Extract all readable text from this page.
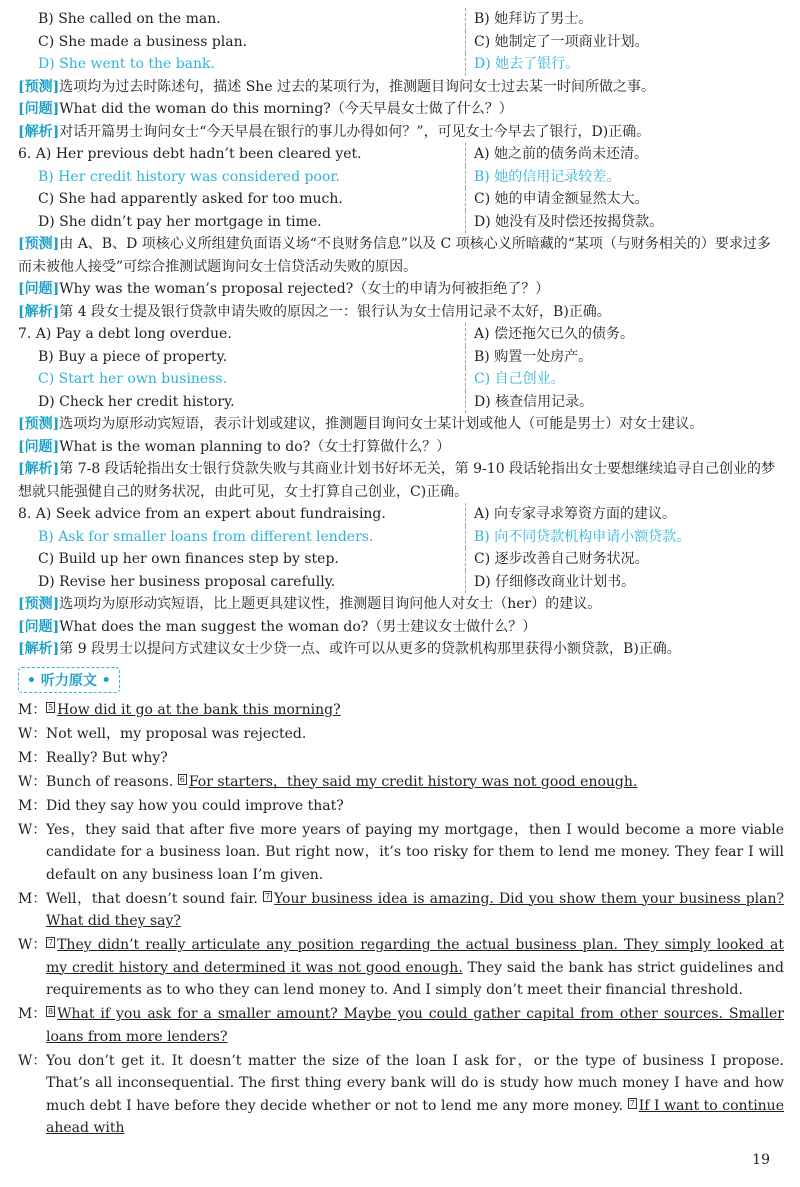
B) She called on the man.	B) 她拜访了男士。
C) She made a business plan.	C) 她制定了一项商业计划。
D) She went to the bank.	D) 她去了银行。

[预测]选项均为过去时陈述句，描述 She 过去的某项行为，推测题目询问女士过去某一时间所做之事。

[问题]What did the woman do this morning?（今天早晨女士做了什么？）

[解析]对话开篇男士询问女士“今天早晨在银行的事儿办得如何？”，可见女士今早去了银行，D)正确。

6. A) Her previous debt hadn’t been cleared yet.	A) 她之前的债务尚未还清。
B) Her credit history was considered poor.	B) 她的信用记录较差。
C) She had apparently asked for too much.	C) 她的申请金额显然太大。
D) She didn’t pay her mortgage in time.	D) 她没有及时偿还按揭贷款。

[预测]由 A、B、D 项核心义所组建负面语义场“不良财务信息”以及 C 项核心义所暗藏的“某项（与财务相关的）要求过多而未被他人接受”可综合推测试题询问女士信贷活动失败的原因。

[问题]Why was the woman’s proposal rejected?（女士的申请为何被拒绝了？）

[解析]第 4 段女士提及银行贷款申请失败的原因之一：银行认为女士信用记录不太好，B)正确。

7. A) Pay a debt long overdue.	A) 偿还拖欠已久的债务。
B) Buy a piece of property.	B) 购置一处房产。
C) Start her own business.	C) 自己创业。
D) Check her credit history.	D) 核查信用记录。

[预测]选项均为原形动宾短语，表示计划或建议，推测题目询问女士某计划或他人（可能是男士）对女士建议。

[问题]What is the woman planning to do?（女士打算做什么？）

[解析]第 7-8 段话轮指出女士银行贷款失败与其商业计划书好坏无关，第 9-10 段话轮指出女士要想继续追寻自己创业的梦想就只能强健自己的财务状况，由此可见，女士打算自己创业，C)正确。

8. A) Seek advice from an expert about fundraising.	A) 向专家寻求筹资方面的建议。
B) Ask for smaller loans from different lenders.	B) 向不同贷款机构申请小额贷款。
C) Build up her own finances step by step.	C) 逐步改善自己财务状况。
D) Revise her business proposal carefully.	D) 仔细修改商业计划书。

[预测]选项均为原形动宾短语，比上题更具建议性，推测题目询问他人对女士（her）的建议。

[问题]What does the man suggest the woman do?（男士建议女士做什么？）

[解析]第 9 段男士以提问方式建议女士少贷一点、或许可以从更多的贷款机构那里获得小额贷款，B)正确。

• 听力原文 •
M： 5 How did it go at the bank this morning?
W： Not well，my proposal was rejected.
M： Really? But why?
W： Bunch of reasons. 6 For starters，they said my credit history was not good enough.
M： Did they say how you could improve that?
W： Yes，they said that after five more years of paying my mortgage，then I would become a more viable candidate for a business loan. But right now，it’s too risky for them to lend me money. They fear I will default on any business loan I’m given.
M： Well，that doesn’t sound fair. 7 Your business idea is amazing. Did you show them your business plan? What did they say?
W： 7 They didn’t really articulate any position regarding the actual business plan. They simply looked at my credit history and determined it was not good enough. They said the bank has strict guidelines and requirements as to who they can lend money to. And I simply don’t meet their financial threshold.
M： 8 What if you ask for a smaller amount? Maybe you could gather capital from other sources. Smaller loans from more lenders?
W： You don’t get it. It doesn’t matter the size of the loan I ask for，or the type of business I propose. That’s all inconsequential. The first thing every bank will do is study how much money I have and how much debt I have before they decide whether or not to lend me any more money. 7 If I want to continue ahead with
19
